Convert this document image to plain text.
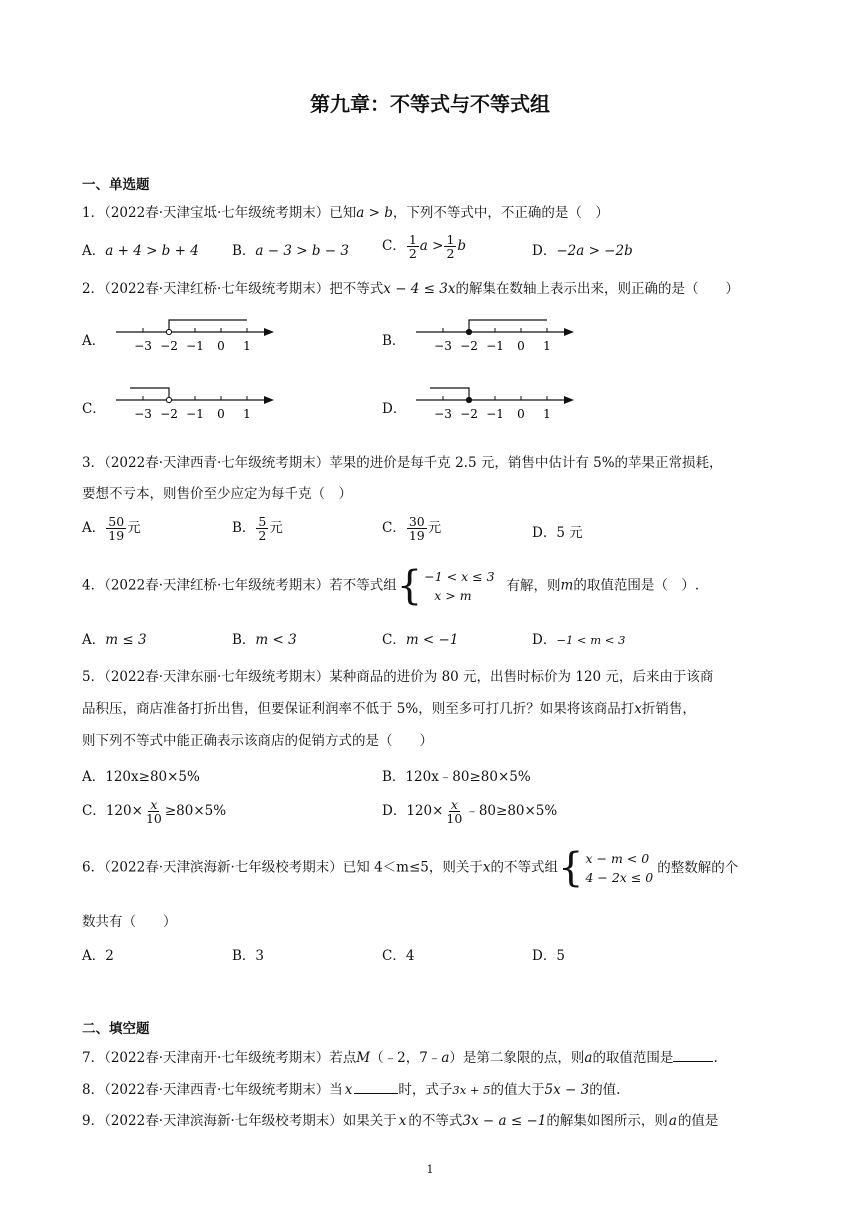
第九章：不等式与不等式组
一、单选题
1．（2022春·天津宝坻·七年级统考期末）已知a > b，下列不等式中，不正确的是（　）
A．a + 4 > b + 4 B．a − 3 > b − 3 C． $\frac{1}{2}$ $a > \frac{1}{2}$ b	D．−2a > −2b
2．（2022春·天津红桥·七年级统考期末）把不等式x − 4 ≤ 3x的解集在数轴上表示出来，则正确的是（　　）
A． −3 −2 −1 0 1	B． −3 −2 −1 0 1
C． −3 −2 −1 0 1	D． −3 −2 −1 0 1
3．（2022春·天津西青·七年级统考期末）苹果的进价是每千克 2.5 元，销售中估计有 5%的苹果正常损耗，
要想不亏本，则售价至少应定为每千克（　）
A． $\frac{50}{19}$ 元	B． $\frac{5}{2}$ 元	C． $\frac{30}{19}$ 元	D．5 元
4．（2022春·天津红桥·七年级统考期末）若不等式组{ −1 < x ≤ 3
x > m
有解，则m的取值范围是（　）.
A．m ≤ 3	B．m < 3	C．m < −1	D．−1 < m < 3
5．（2022春·天津东丽·七年级统考期末）某种商品的进价为 80 元，出售时标价为 120 元，后来由于该商
品积压，商店准备打折出售，但要保证利润率不低于 5%，则至多可打几折？如果将该商品打x折销售，
则下列不等式中能正确表示该商店的促销方式的是（　　）
A．120x≥80×5%	B．120x﹣80≥80×5%
C．$120\times \frac{x}{10} \ge 80\times 5\%$	D．$120\times \frac{x}{10}$ ﹣80≥80×5%
6．（2022春·天津滨海新·七年级校考期末）已知 4＜m≤5，则关于x的不等式组{ x − m < 0
4 − 2x ≤ 0
的整数解的个
数共有（　　）
A．2	B．3	C．4	D．5
二、填空题
7．（2022春·天津南开·七年级统考期末）若点M（﹣2，7﹣a）是第二象限的点，则a的取值范围是	.
8．（2022春·天津西青·七年级统考期末）当 x	时，式子3x + 5的值大于5x − 3的值.
9．（2022春·天津滨海新·七年级校考期末）如果关于 x 的不等式3x − a ≤ −1的解集如图所示，则a的值是
1
